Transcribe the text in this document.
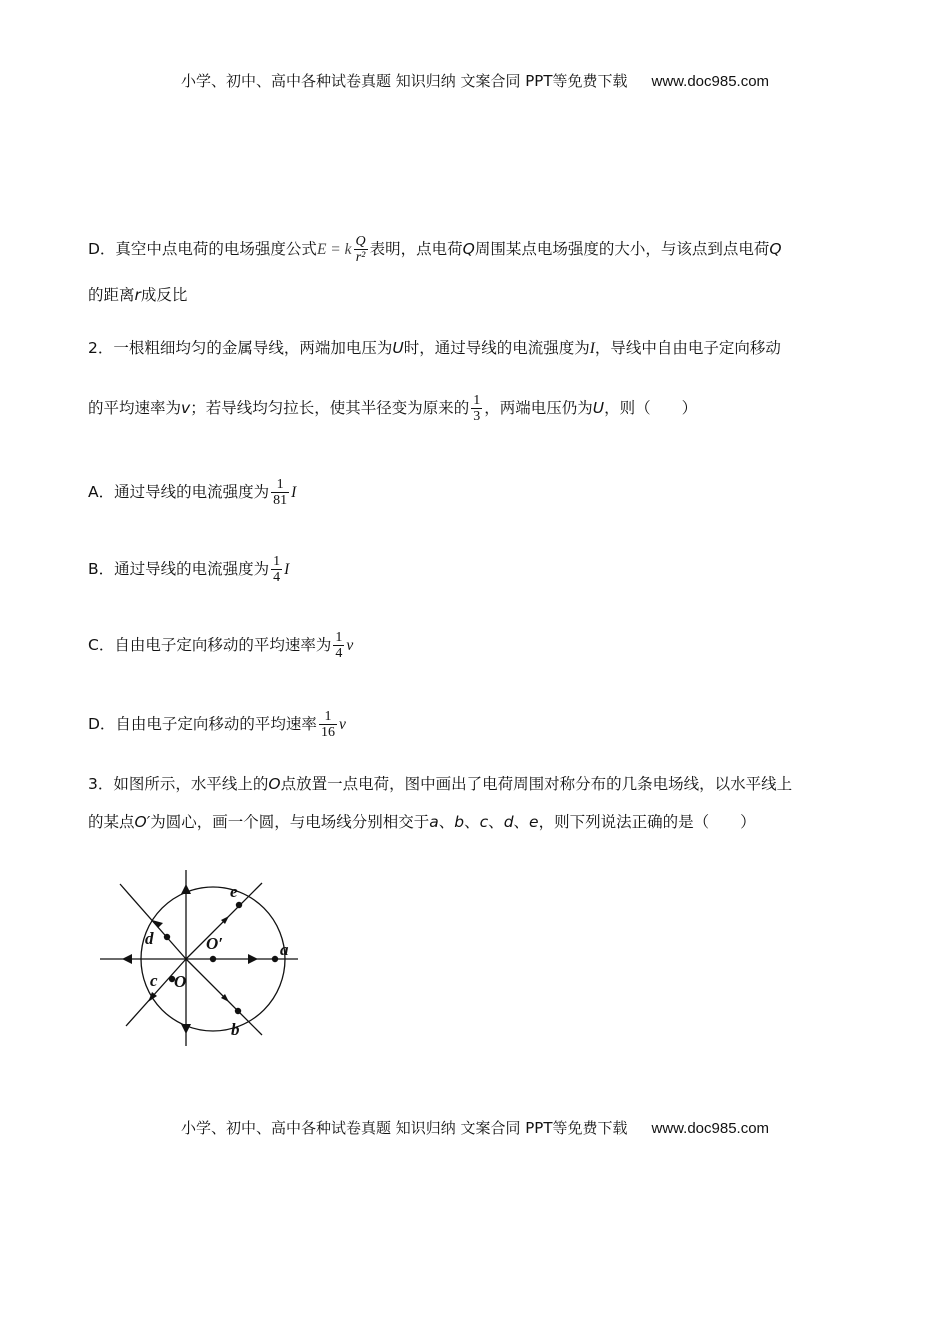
小学、初中、高中各种试卷真题 知识归纳 文案合同 PPT等免费下载 www.doc985.com
D．真空中点电荷的电场强度公式E = k $\frac{Q}{\text{r²}}$ 表明，点电荷Q周围某点电场强度的大小，与该点到点电荷Q
的距离r成反比
2．一根粗细均匀的金属导线，两端加电压为U时，通过导线的电流强度为I，导线中自由电子定向移动
的平均速率为v；若导线均匀拉长，使其半径变为原来的 $\frac{1}{3}$ ，两端电压仍为U，则（　　）
A．通过导线的电流强度为 $\frac{1}{81}$ I
B．通过导线的电流强度为 $\frac{1}{4}$ I
C．自由电子定向移动的平均速率为 $\frac{1}{4}$ v
D．自由电子定向移动的平均速率 $\frac{1}{16}$ v
3．如图所示，水平线上的O点放置一点电荷，图中画出了电荷周围对称分布的几条电场线，以水平线上
的某点O′为圆心，画一个圆，与电场线分别相交于a、b、c、d、e，则下列说法正确的是（　　）
e
d	O′	a
c O
b
小学、初中、高中各种试卷真题 知识归纳 文案合同 PPT等免费下载 www.doc985.com
